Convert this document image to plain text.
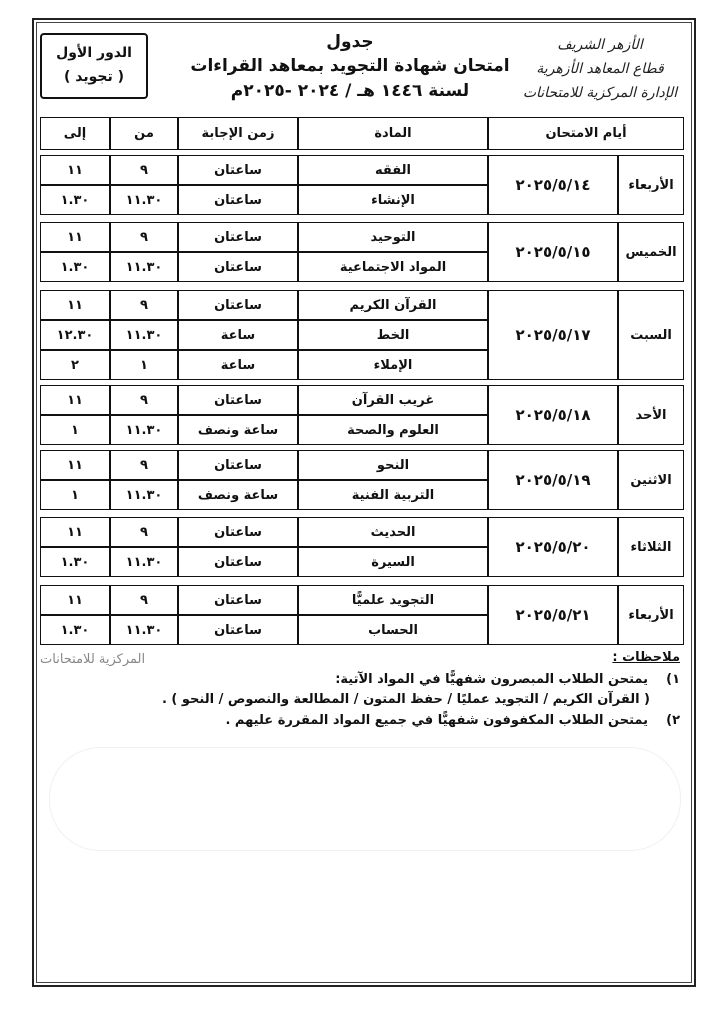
الدور الأول
( تجويد )
جدول
امتحان شهادة التجويد بمعاهد القراءات
لسنة ١٤٤٦ هـ / ٢٠٢٤ -٢٠٢٥م
الأزهر الشريف
قطاع المعاهد الأزهرية
الإدارة المركزية للامتحانات
إلى	من	زمن الإجابة	المادة	أيام الامتحان
١١	٩	ساعتان	الفقه
١.٣٠	١١.٣٠	ساعتان	الإنشاء
٢٠٢٥/٥/١٤	الأربعاء
١١	٩	ساعتان	التوحيد
١.٣٠	١١.٣٠	ساعتان	المواد الاجتماعية
٢٠٢٥/٥/١٥	الخميس
١١	٩	ساعتان	القرآن الكريم
١٢.٣٠	١١.٣٠	ساعة	الخط
٢	١	ساعة	الإملاء
٢٠٢٥/٥/١٧	السبت
١١	٩	ساعتان	غريب القرآن
١	١١.٣٠	ساعة ونصف	العلوم والصحة
٢٠٢٥/٥/١٨	الأحد
١١	٩	ساعتان	النحو
١	١١.٣٠	ساعة ونصف	التربية الفنية
٢٠٢٥/٥/١٩	الاثنين
١١	٩	ساعتان	الحديث
١.٣٠	١١.٣٠	ساعتان	السيرة
٢٠٢٥/٥/٢٠	الثلاثاء
١١	٩	ساعتان	التجويد علميًّا
١.٣٠	١١.٣٠	ساعتان	الحساب
٢٠٢٥/٥/٢١	الأربعاء
ملاحظات :
المركزية للامتحانات
١)    يمتحن الطلاب المبصرون شفهيًّا في المواد الآتية:
( القرآن الكريم / التجويد عمليًا / حفظ المتون / المطالعة والنصوص / النحو ) .
٢)    يمتحن الطلاب المكفوفون شفهيًّا في جميع المواد المقررة عليهم .
